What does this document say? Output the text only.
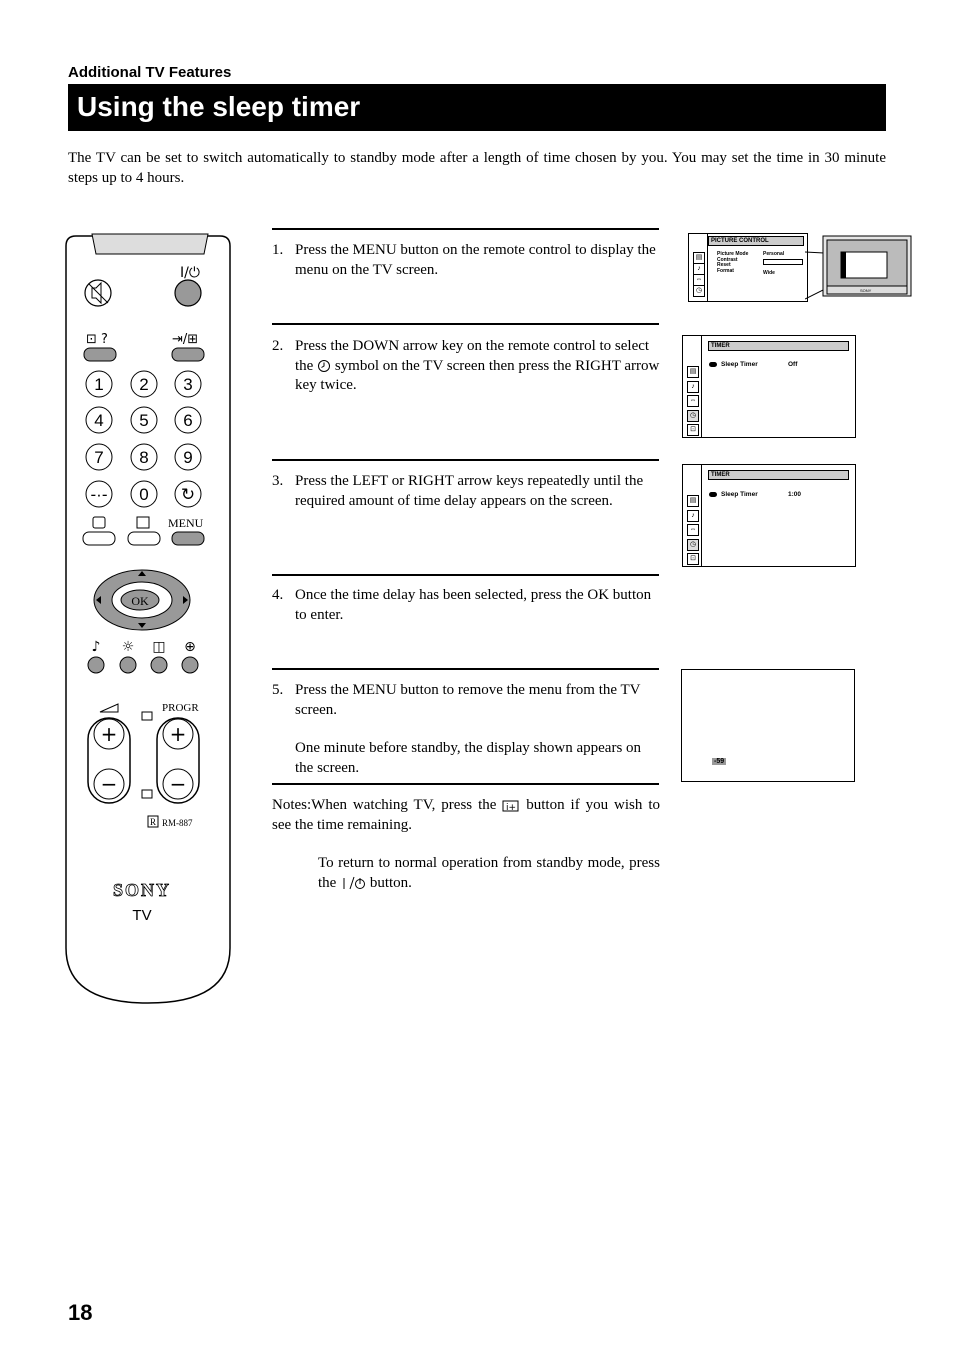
Additional TV Features
Using the sleep timer
The TV can be set to switch automatically to standby mode after a length of time chosen by you. You may set the time in 30 minute steps up to 4 hours.
I/⏻
⊡ ?	⇥/⊞
1 2 3
4 5 6
7 8 9
-·- 0 ↻
MENU
OK
♪ ☼ ◫ ⊕
PROGR
+
−
+
−
R RM-887
SONY
TV
1. Press the MENU button on the remote control to display the menu on the TV screen.
2. Press the DOWN arrow key on the remote control to select the symbol on the TV screen then press the RIGHT arrow key twice.
3. Press the LEFT or RIGHT arrow keys repeatedly until the required amount of time delay appears on the screen.
4. Once the time delay has been selected, press the OK button to enter.
5. Press the MENU button to remove the menu from the TV screen.
One minute before standby, the display shown appears on the screen.
Notes:When watching TV, press the i+ button if you wish to see the time remaining.
To return to normal operation from standby mode, press the button.
▤
♪
⇔
◷
PICTURE CONTROL
Picture Mode
Contrast
Reset
Format
Personal
Wide
SONY
▤
♪
⇔
◷
⊡
TIMER
Sleep Timer	Off
▤
♪
⇔
◷
⊡
TIMER
Sleep Timer	1:00
-59
18
